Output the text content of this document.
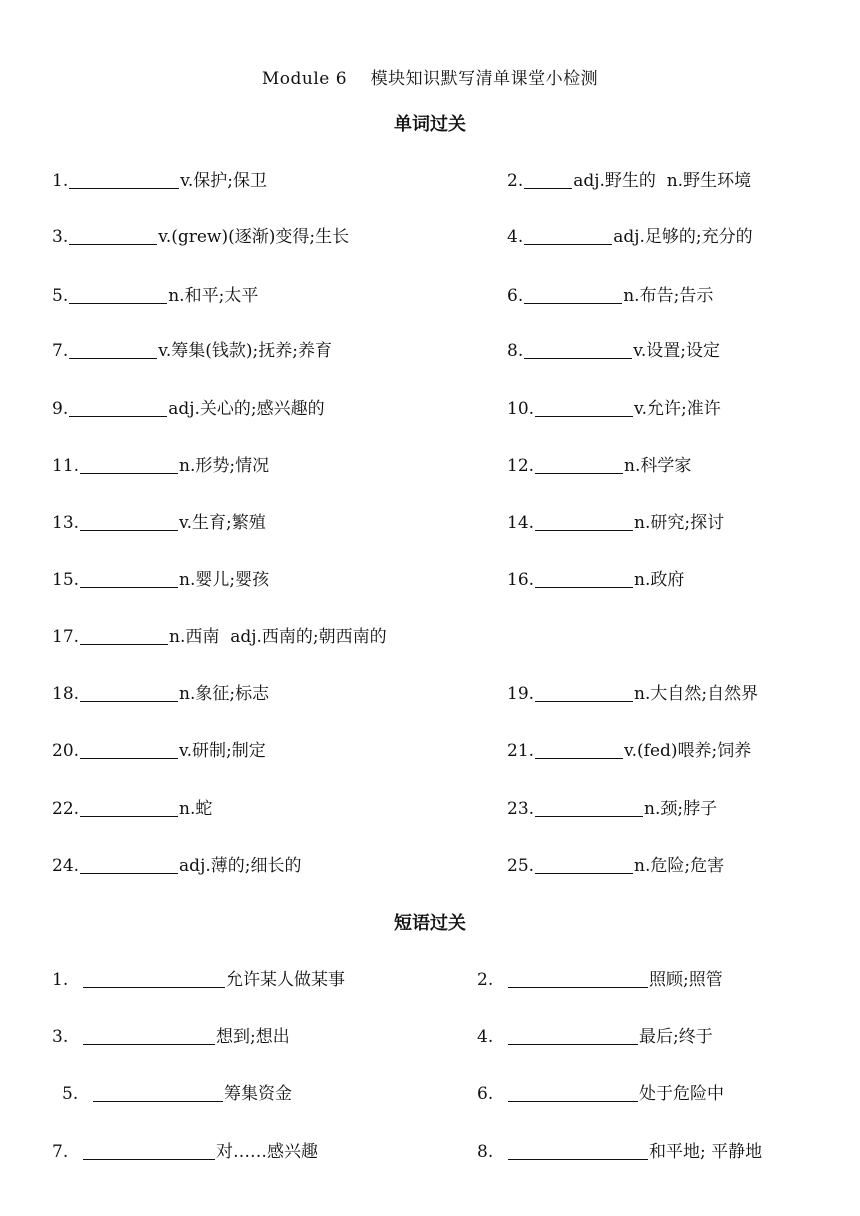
Module 6    模块知识默写清单课堂小检测
单词过关
1.	v.保护;保卫	2.	adj.野生的  n.野生环境
3.	v.(grew)(逐渐)变得;生长	4.	adj.足够的;充分的
5.	n.和平;太平	6.	n.布告;告示
7.	v.筹集(钱款);抚养;养育	8.	v.设置;设定
9.	adj.关心的;感兴趣的	10.	v.允许;准许
11.	n.形势;情况	12.	n.科学家
13.	v.生育;繁殖	14.	n.研究;探讨
15.	n.婴儿;婴孩	16.	n.政府
17.	n.西南  adj.西南的;朝西南的
18.	n.象征;标志	19.	n.大自然;自然界
20.	v.研制;制定	21.	v.(fed)喂养;饲养
22.	n.蛇	23.	n.颈;脖子
24.	adj.薄的;细长的	25.	n.危险;危害
短语过关
1.	允许某人做某事	2.	照顾;照管
3.	想到;想出	4.	最后;终于
5.	筹集资金	6.	处于危险中
7.	对……感兴趣	8.	和平地; 平静地
